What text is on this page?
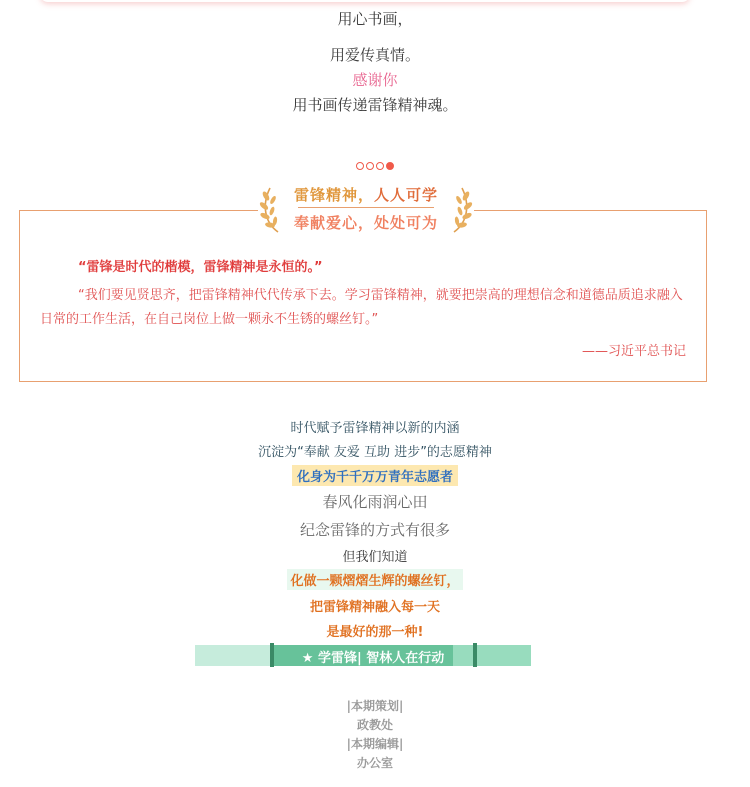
用心书画，
用爱传真情。
感谢你
用书画传递雷锋精神魂。
雷锋精神，人人可学
奉献爱心，处处可为
“雷锋是时代的楷模，雷锋精神是永恒的。”
“我们要见贤思齐，把雷锋精神代代传承下去。学习雷锋精神，就要把崇高的理想信念和道德品质追求融入日常的工作生活，在自己岗位上做一颗永不生锈的螺丝钉。”
——习近平总书记
时代赋予雷锋精神以新的内涵
沉淀为“奉献 友爱 互助 进步”的志愿精神
化身为千千万万青年志愿者
春风化雨润心田
纪念雷锋的方式有很多
但我们知道
化做一颗熠熠生辉的螺丝钉，
把雷锋精神融入每一天
是最好的那一种!
★ 学雷锋| 智林人在行动
|本期策划|
政教处
|本期编辑|
办公室
